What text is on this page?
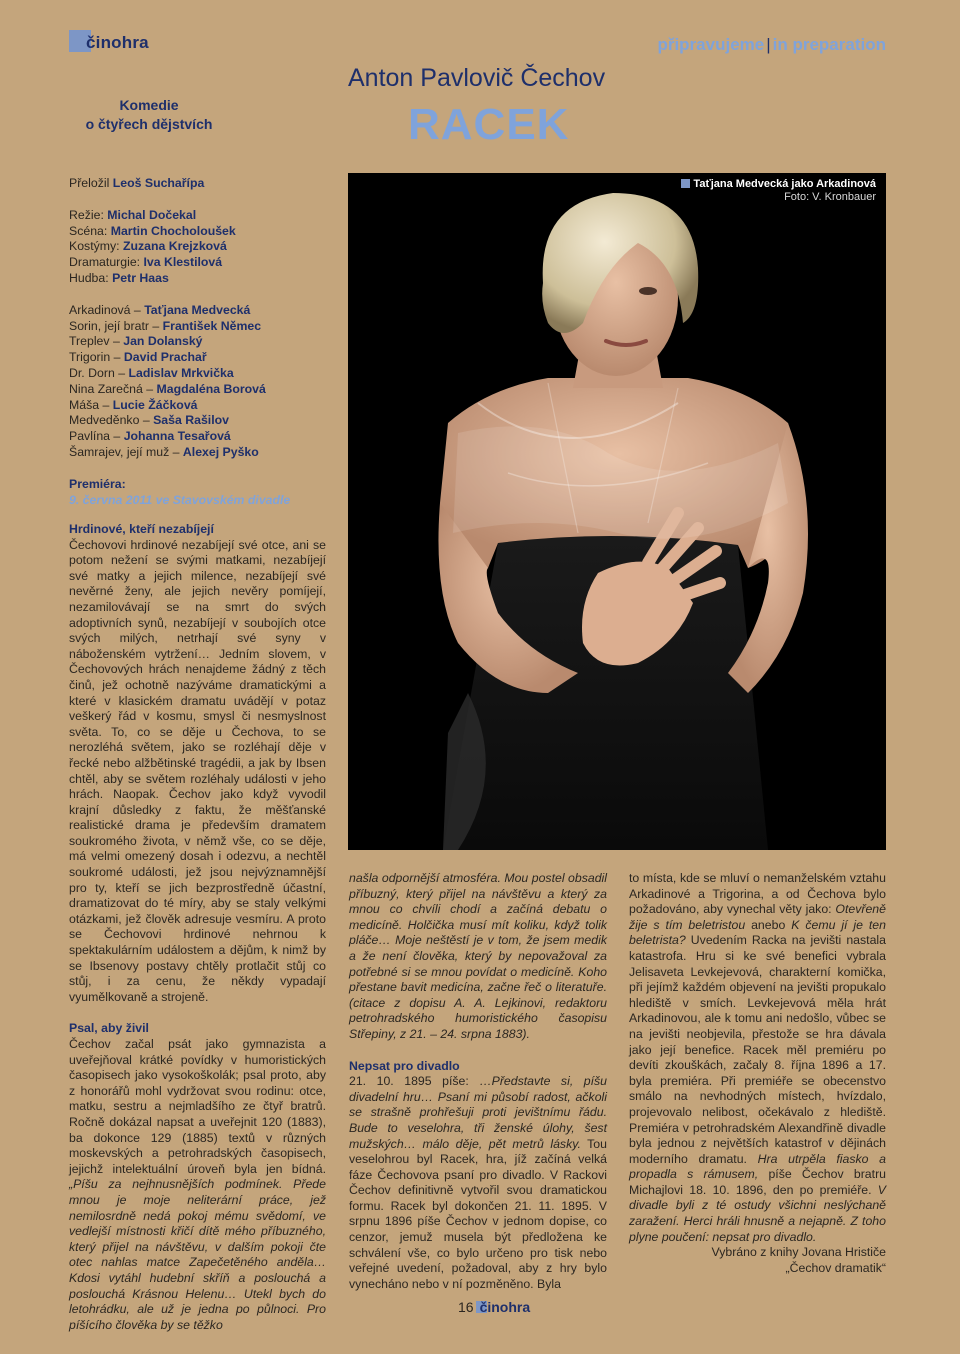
činohra	připravujeme | in preparation
Komedie
o čtyřech dějstvích
Anton Pavlovič Čechov
RACEK

Přeložil Leoš Suchařípa

Režie: Michal Dočekal

Scéna: Martin Chocholoušek

Kostýmy: Zuzana Krejzková

Dramaturgie: Iva Klestilová

Hudba: Petr Haas

Arkadinová – Taťjana Medvecká

Sorin, její bratr – František Němec

Treplev – Jan Dolanský

Trigorin – David Prachař

Dr. Dorn – Ladislav Mrkvička

Nina Zarečná – Magdaléna Borová

Máša – Lucie Žáčková

Medveděnko – Saša Rašilov

Pavlína – Johanna Tesařová

Šamrajev, její muž – Alexej Pyško

Premiéra:

9. června 2011 ve Stavovském divadle

Taťjana Medvecká jako Arkadinová
Foto: V. Kronbauer
Hrdinové, kteří nezabíjejí

Čechovovi hrdinové nezabíjejí své otce, ani se potom nežení se svými matkami, nezabíjejí své matky a jejich milence, nezabíjejí své nevěrné ženy, ale jejich nevěry pomíjejí, nezamilovávají se na smrt do svých adoptivních synů, nezabíjejí v soubojích otce svých milých, netrhají své syny v náboženském vytržení… Jedním slovem, v Čechovových hrách nenajdeme žádný z těch činů, jež ochotně nazýváme dramatickými a které v klasickém dramatu uvádějí v potaz veškerý řád v kosmu, smysl či nesmyslnost světa. To, co se děje u Čechova, to se nerozléhá světem, jako se rozléhají děje v řecké nebo alžbětinské tragédii, a jak by Ibsen chtěl, aby se světem rozléhaly události v jeho hrách. Naopak. Čechov jako když vyvodil krajní důsledky z faktu, že měšťanské realistické drama je především dramatem soukromého života, v němž vše, co se děje, má velmi omezený dosah i odezvu, a nechtěl soukromé události, jež jsou nejvýznamnější pro ty, kteří se jich bezprostředně účastní, dramatizovat do té míry, aby se staly velkými otázkami, jež člověk adresuje vesmíru. A proto se Čechovovi hrdinové nehrnou k spektakulárním událostem a dějům, k nimž by se Ibsenovy postavy chtěly protlačit stůj co stůj, i za cenu, že někdy vypadají vyumělkovaně a strojeně.

Psal, aby živil

Čechov začal psát jako gymnazista a uveřejňoval krátké povídky v humoristických časopisech jako vysokoškolák; psal proto, aby z honorářů mohl vydržovat svou rodinu: otce, matku, sestru a nejmladšího ze čtyř bratrů. Ročně dokázal napsat a uveřejnit 120 (1883), ba dokonce 129 (1885) textů v různých moskevských a petrohradských časopisech, jejichž intelektuální úroveň byla jen bídná. „Píšu za nejhnusnějších podmínek. Přede mnou je moje neliterární práce, jež nemilosrdně nedá pokoj mému svědomí, ve vedlejší místnosti křičí dítě mého příbuzného, který přijel na návštěvu, v dalším pokoji čte otec nahlas matce Zapečetěného anděla… Kdosi vytáhl hudební skříň a poslouchá a poslouchá Krásnou Helenu… Utekl bych do letohrádku, ale už je jedna po půlnoci. Pro píšícího člověka by se těžko

našla odpornější atmosféra. Mou postel obsadil příbuzný, který přijel na návštěvu a který za mnou co chvíli chodí a začíná debatu o medicíně. Holčička musí mít koliku, když tolik pláče… Moje neštěstí je v tom, že jsem medik a že není člověka, který by nepovažoval za potřebné si se mnou povídat o medicíně. Koho přestane bavit medicína, začne řeč o literatuře. (citace z dopisu A. A. Lejkinovi, redaktoru petrohradského humoristického časopisu Střepiny, z 21. – 24. srpna 1883).

Nepsat pro divadlo

21. 10. 1895 píše: …Představte si, píšu divadelní hru… Psaní mi působí radost, ačkoli se strašně prohřešuji proti jevištnímu řádu. Bude to veselohra, tři ženské úlohy, šest mužských… málo děje, pět metrů lásky. Tou veselohrou byl Racek, hra, jíž začíná velká fáze Čechovova psaní pro divadlo. V Rackovi Čechov definitivně vytvořil svou dramatickou formu. Racek byl dokončen 21. 11. 1895. V srpnu 1896 píše Čechov v jednom dopise, co cenzor, jemuž musela být předložena ke schválení vše, co bylo určeno pro tisk nebo veřejné uvedení, požadoval, aby z hry bylo vynecháno nebo v ní pozměněno. Byla

to místa, kde se mluví o nemanželském vztahu Arkadinové a Trigorina, a od Čechova bylo požadováno, aby vynechal věty jako: Otevřeně žije s tím beletristou anebo K čemu jí je ten beletrista? Uvedením Racka na jevišti nastala katastrofa. Hru si ke své benefici vybrala Jelisaveta Levkejevová, charakterní komička, při jejímž každém objevení na jevišti propukalo hlediště v smích. Levkejevová měla hrát Arkadinovou, ale k tomu ani nedošlo, vůbec se na jevišti neobjevila, přestože se hra dávala jako její benefice. Racek měl premiéru po devíti zkouškách, začaly 8. října 1896 a 17. byla premiéra. Při premiéře se obecenstvo smálo na nevhodných místech, hvízdalo, projevovalo nelibost, očekávalo z hlediště. Premiéra v petrohradském Alexandřině divadle byla jednou z největších katastrof v dějinách moderního dramatu. Hra utrpěla fiasko a propadla s rámusem, píše Čechov bratru Michajlovi 18. 10. 1896, den po premiéře. V divadle byli z té ostudy všichni neslýchaně zaražení. Herci hráli hnusně a nejapně. Z toho plyne poučení: nepsat pro divadlo.

Vybráno z knihy Jovana Hrističe

„Čechov dramatik“

16 činohra
